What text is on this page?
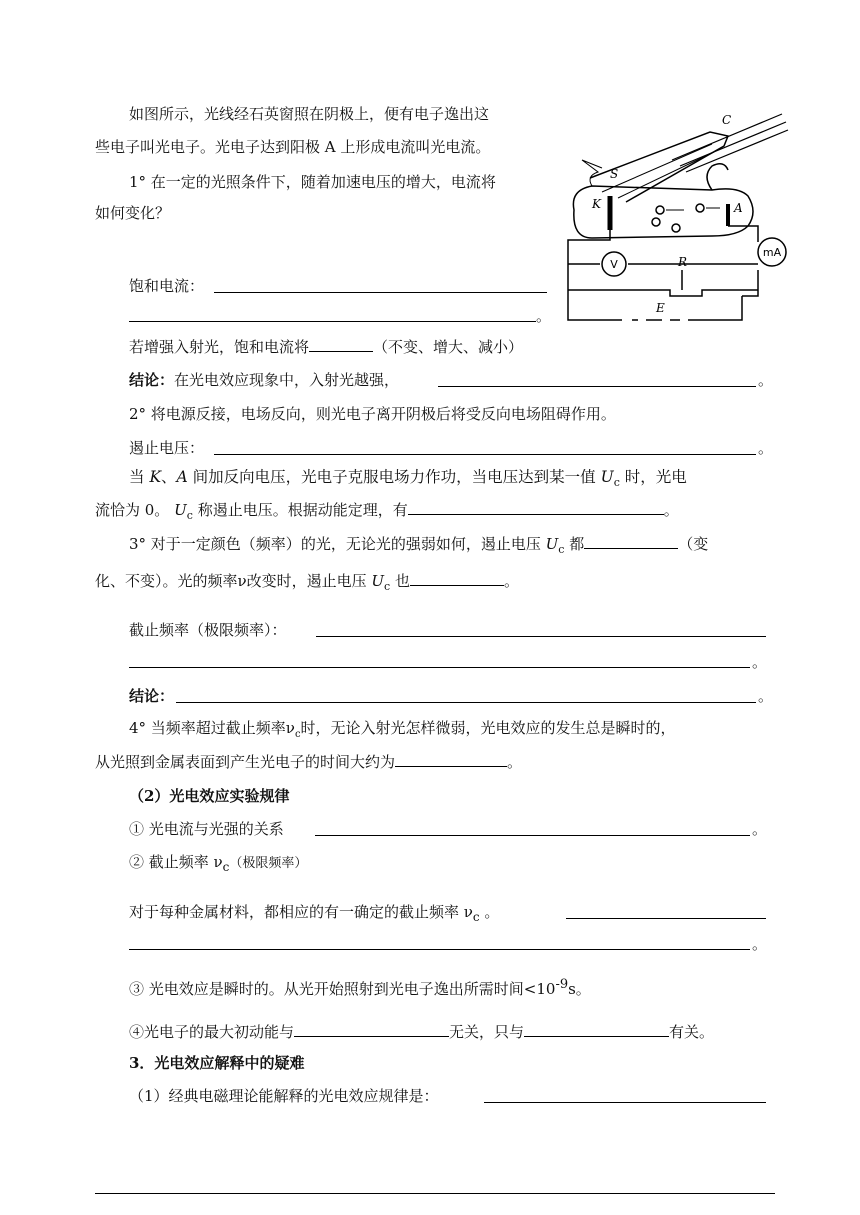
如图所示，光线经石英窗照在阴极上，便有电子逸出这
些电子叫光电子。光电子达到阳极 A 上形成电流叫光电流。
1° 在一定的光照条件下，随着加速电压的增大，电流将
如何变化？
饱和电流：
。
若增强入射光，饱和电流将	（不变、增大、减小）
结论：在光电效应现象中，入射光越强，	。
2° 将电源反接，电场反向，则光电子离开阴极后将受反向电场阻碍作用。
遏止电压：	。
当 K、A 间加反向电压，光电子克服电场力作功，当电压达到某一值 $U_c$ 时，光电
流恰为 0。 $U_c$ 称遏止电压。根据动能定理，有	。
3° 对于一定颜色（频率）的光，无论光的强弱如何，遏止电压 $U_c$ 都	（变
化、不变）。光的频率ν改变时，遏止电压 $U_c$ 也	。
截止频率（极限频率）：
。
结论：	。
4° 当频率超过截止频率$\nu_c$时，无论入射光怎样微弱，光电效应的发生总是瞬时的，
从光照到金属表面到产生光电子的时间大约为	。
（2）光电效应实验规律
① 光电流与光强的关系	。
② 截止频率 $\nu_c$（极限频率）
对于每种金属材料，都相应的有一确定的截止频率 $\nu_c$ 。
。
③ 光电效应是瞬时的。从光开始照射到光电子逸出所需时间$<10^{-9}s$。
④光电子的最大初动能与	无关，只与	有关。
3．光电效应解释中的疑难
（1）经典电磁理论能解释的光电效应规律是：
C
S
K	A
R
E
V
mA
